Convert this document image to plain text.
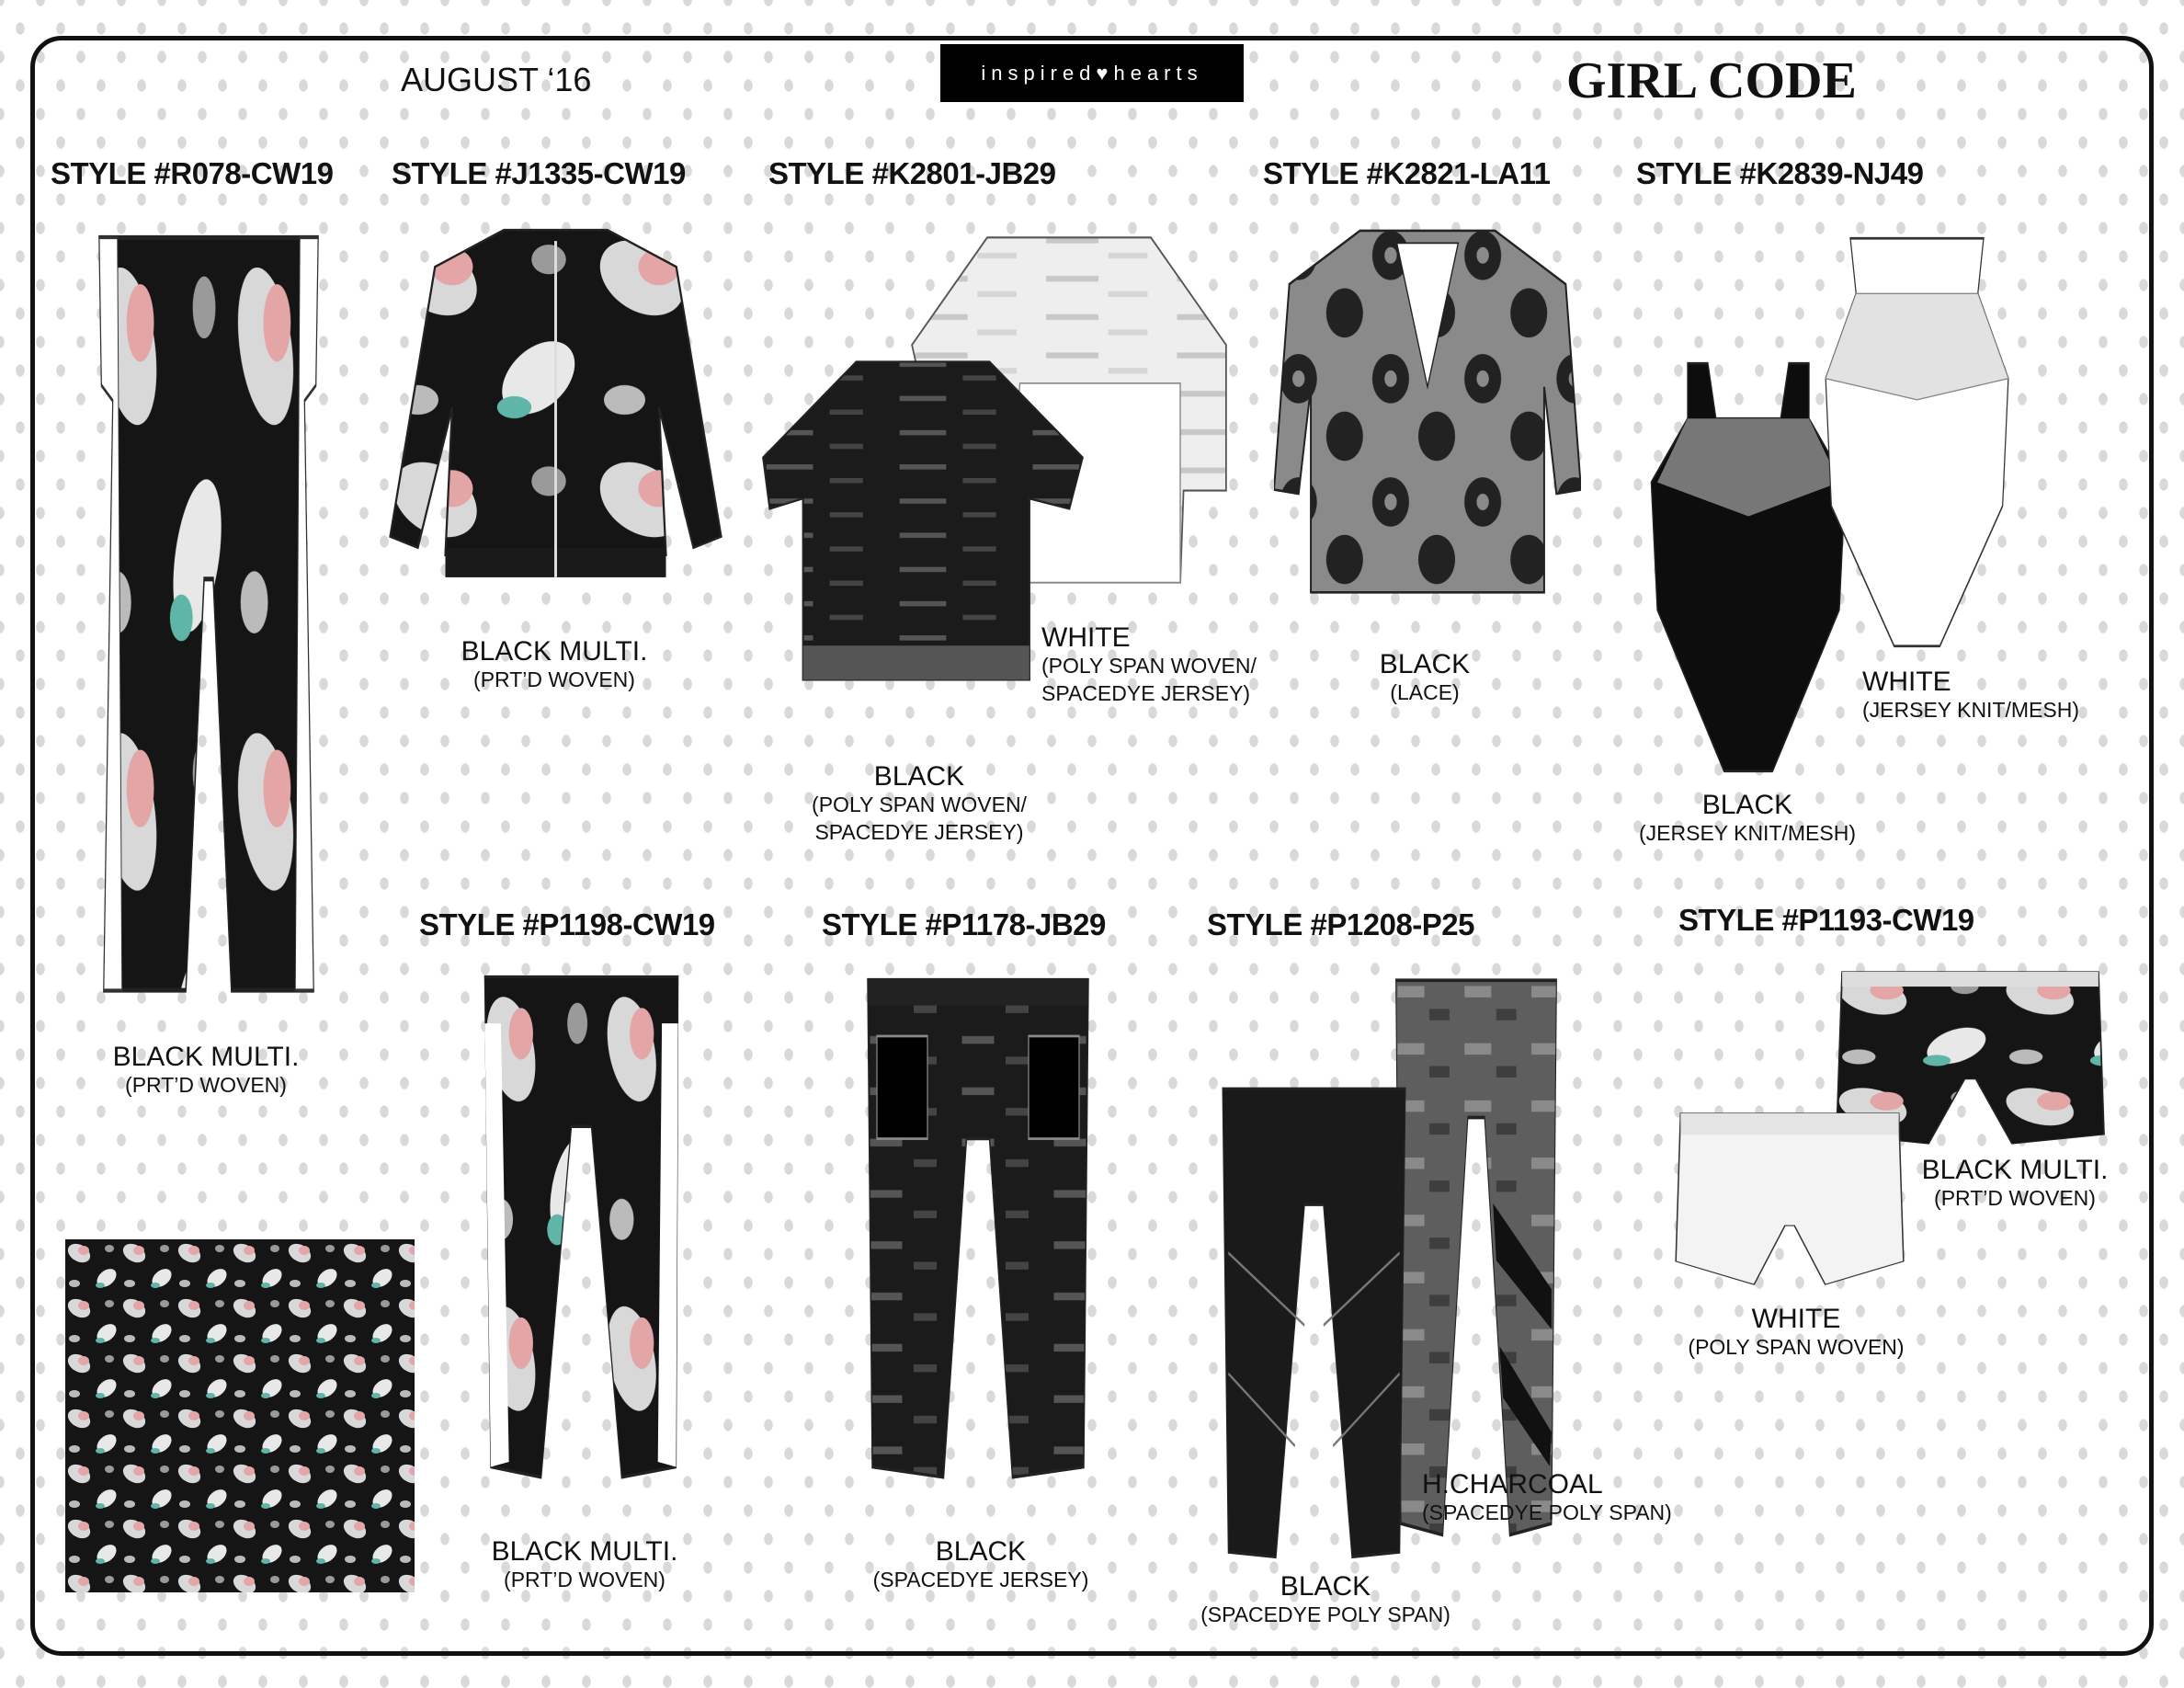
AUGUST ‘16	inspired♥hearts	GIRL CODE
STYLE #R078-CW19 STYLE #J1335-CW19	STYLE #K2801-JB29	STYLE #K2821-LA11	STYLE #K2839-NJ49
STYLE #P1198-CW19	STYLE #P1178-JB29	STYLE #P1208-P25	STYLE #P1193-CW19
BLACK MULTI.
(PRT’D WOVEN)
BLACK MULTI.
(PRT’D WOVEN)
WHITE
(POLY SPAN WOVEN/
SPACEDYE JERSEY)
BLACK
(POLY SPAN WOVEN/
SPACEDYE JERSEY)
BLACK
(LACE)	WHITE
(JERSEY KNIT/MESH)
BLACK
(JERSEY KNIT/MESH)
BLACK MULTI.
(PRT’D WOVEN)
BLACK
(SPACEDYE JERSEY)
H.CHARCOAL
(SPACEDYE POLY SPAN)
BLACK
(SPACEDYE POLY SPAN)
BLACK MULTI.
(PRT’D WOVEN)
WHITE
(POLY SPAN WOVEN)
